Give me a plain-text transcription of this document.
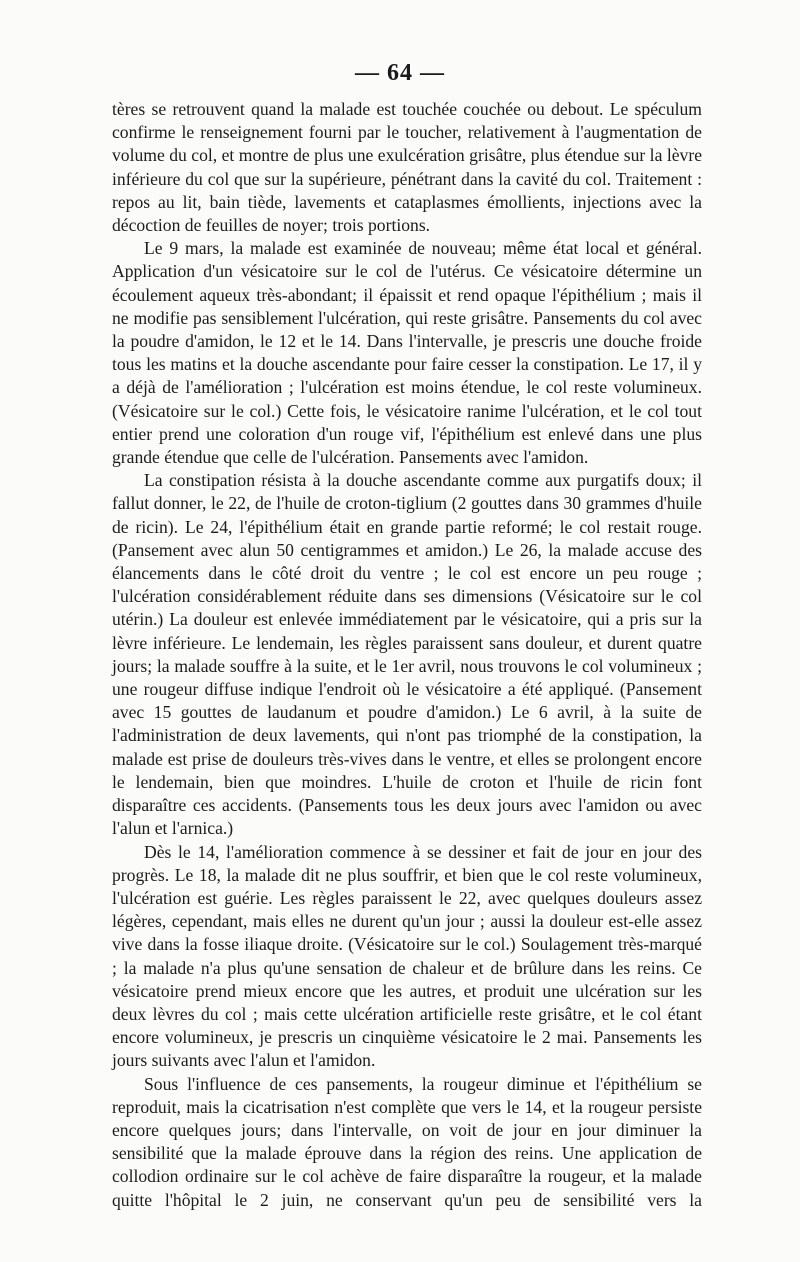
— 64 —

tères se retrouvent quand la malade est touchée couchée ou debout. Le spéculum confirme le renseignement fourni par le toucher, relativement à l'augmentation de volume du col, et montre de plus une exulcération grisâtre, plus étendue sur la lèvre inférieure du col que sur la supérieure, pénétrant dans la cavité du col. Traitement : repos au lit, bain tiède, lavements et cataplasmes émollients, injections avec la décoction de feuilles de noyer; trois portions.

Le 9 mars, la malade est examinée de nouveau; même état local et général. Application d'un vésicatoire sur le col de l'utérus. Ce vésicatoire détermine un écoulement aqueux très-abondant; il épaissit et rend opaque l'épithélium ; mais il ne modifie pas sensiblement l'ulcération, qui reste grisâtre. Pansements du col avec la poudre d'amidon, le 12 et le 14. Dans l'intervalle, je prescris une douche froide tous les matins et la douche ascendante pour faire cesser la constipation. Le 17, il y a déjà de l'amélioration ; l'ulcération est moins étendue, le col reste volumineux. (Vésicatoire sur le col.) Cette fois, le vésicatoire ranime l'ulcération, et le col tout entier prend une coloration d'un rouge vif, l'épithélium est enlevé dans une plus grande étendue que celle de l'ulcération. Pansements avec l'amidon.

La constipation résista à la douche ascendante comme aux purgatifs doux; il fallut donner, le 22, de l'huile de croton-tiglium (2 gouttes dans 30 grammes d'huile de ricin). Le 24, l'épithélium était en grande partie reformé; le col restait rouge. (Pansement avec alun 50 centigrammes et amidon.) Le 26, la malade accuse des élancements dans le côté droit du ventre ; le col est encore un peu rouge ; l'ulcération considérablement réduite dans ses dimensions (Vésicatoire sur le col utérin.) La douleur est enlevée immédiatement par le vésicatoire, qui a pris sur la lèvre inférieure. Le lendemain, les règles paraissent sans douleur, et durent quatre jours; la malade souffre à la suite, et le 1er avril, nous trouvons le col volumineux ; une rougeur diffuse indique l'endroit où le vésicatoire a été appliqué. (Pansement avec 15 gouttes de laudanum et poudre d'amidon.) Le 6 avril, à la suite de l'administration de deux lavements, qui n'ont pas triomphé de la constipation, la malade est prise de douleurs très-vives dans le ventre, et elles se prolongent encore le lendemain, bien que moindres. L'huile de croton et l'huile de ricin font disparaître ces accidents. (Pansements tous les deux jours avec l'amidon ou avec l'alun et l'arnica.)

Dès le 14, l'amélioration commence à se dessiner et fait de jour en jour des progrès. Le 18, la malade dit ne plus souffrir, et bien que le col reste volumineux, l'ulcération est guérie. Les règles paraissent le 22, avec quelques douleurs assez légères, cependant, mais elles ne durent qu'un jour ; aussi la douleur est-elle assez vive dans la fosse iliaque droite. (Vésicatoire sur le col.) Soulagement très-marqué ; la malade n'a plus qu'une sensation de chaleur et de brûlure dans les reins. Ce vésicatoire prend mieux encore que les autres, et produit une ulcération sur les deux lèvres du col ; mais cette ulcération artificielle reste grisâtre, et le col étant encore volumineux, je prescris un cinquième vésicatoire le 2 mai. Pansements les jours suivants avec l'alun et l'amidon.

Sous l'influence de ces pansements, la rougeur diminue et l'épithélium se reproduit, mais la cicatrisation n'est complète que vers le 14, et la rougeur persiste encore quelques jours; dans l'intervalle, on voit de jour en jour diminuer la sensibilité que la malade éprouve dans la région des reins. Une application de collodion ordinaire sur le col achève de faire disparaître la rougeur, et la malade quitte l'hôpital le 2 juin, ne conservant qu'un peu de sensibilité vers la
